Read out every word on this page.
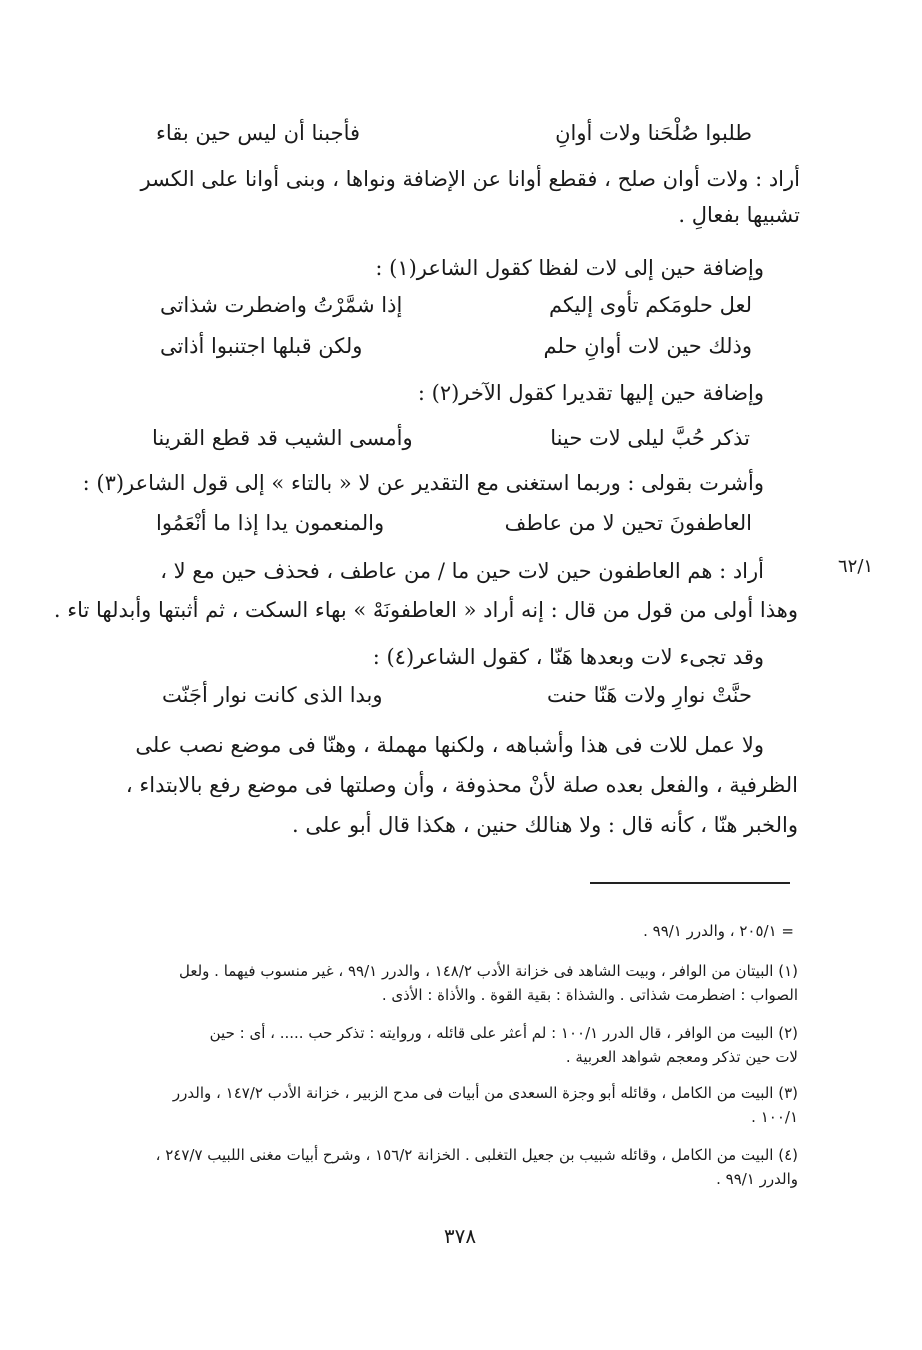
طلبوا صُلْحَنا ولات أوانِ
فأجبنا أن ليس حين بقاء
أراد : ولات أوان صلح ، فقطع أوانا عن الإضافة ونواها ، وبنى أوانا على الكسر
تشبيها بفعالِ .
وإضافة حين إلى لات لفظا كقول الشاعر(١) :
لعل حلومَكم تأوى إليكم
إذا شمَّرْتُ واضطرت شذاتى
وذلك حين لات أوانِ حلم
ولكن قبلها اجتنبوا أذاتى
وإضافة حين إليها تقديرا كقول الآخر(٢) :
تذكر حُبَّ ليلى لات حينا
وأمسى الشيب قد قطع القرينا
وأشرت بقولى : وربما استغنى مع التقدير عن لا « بالتاء » إلى قول الشاعر(٣) :
العاطفونَ تحين لا من عاطف
والمنعمون يدا إذا ما أنْعَمُوا
٦٢/١
أراد : هم العاطفون حين لات حين ما / من عاطف ، فحذف حين مع لا ،
وهذا أولى من قول من قال : إنه أراد « العاطفونَهْ » بهاء السكت ، ثم أثبتها وأبدلها تاء .
وقد تجىء لات وبعدها هَنّا ، كقول الشاعر(٤) :
حنَّتْ نوارِ ولات هَنّا حنت
وبدا الذى كانت نوار أجَنّت
ولا عمل للات فى هذا وأشباهه ، ولكنها مهملة ، وهنّا فى موضع نصب على
الظرفية ، والفعل بعده صلة لأنْ محذوفة ، وأن وصلتها فى موضع رفع بالابتداء ،
والخبر هنّا ، كأنه قال : ولا هنالك حنين ، هكذا قال أبو على .
= ٢٠٥/١ ، والدرر ٩٩/١ .
(١) البيتان من الوافر ، وبيت الشاهد فى خزانة الأدب ١٤٨/٢ ، والدرر ٩٩/١ ، غير منسوب فيهما . ولعل
الصواب : اضطرمت شذاتى . والشذاة : بقية القوة . والأذاة : الأذى .
(٢) البيت من الوافر ، قال الدرر ١٠٠/١ : لم أعثر على قائله ، وروايته : تذكر حب ..... ، أى : حين
لات حين تذكر ومعجم شواهد العربية .
(٣) البيت من الكامل ، وقائله أبو وجزة السعدى من أبيات فى مدح الزبير ، خزانة الأدب ١٤٧/٢ ، والدرر
١٠٠/١ .
(٤) البيت من الكامل ، وقائله شبيب بن جعيل التغلبى . الخزانة ١٥٦/٢ ، وشرح أبيات مغنى اللبيب ٢٤٧/٧ ،
والدرر ٩٩/١ .
٣٧٨
